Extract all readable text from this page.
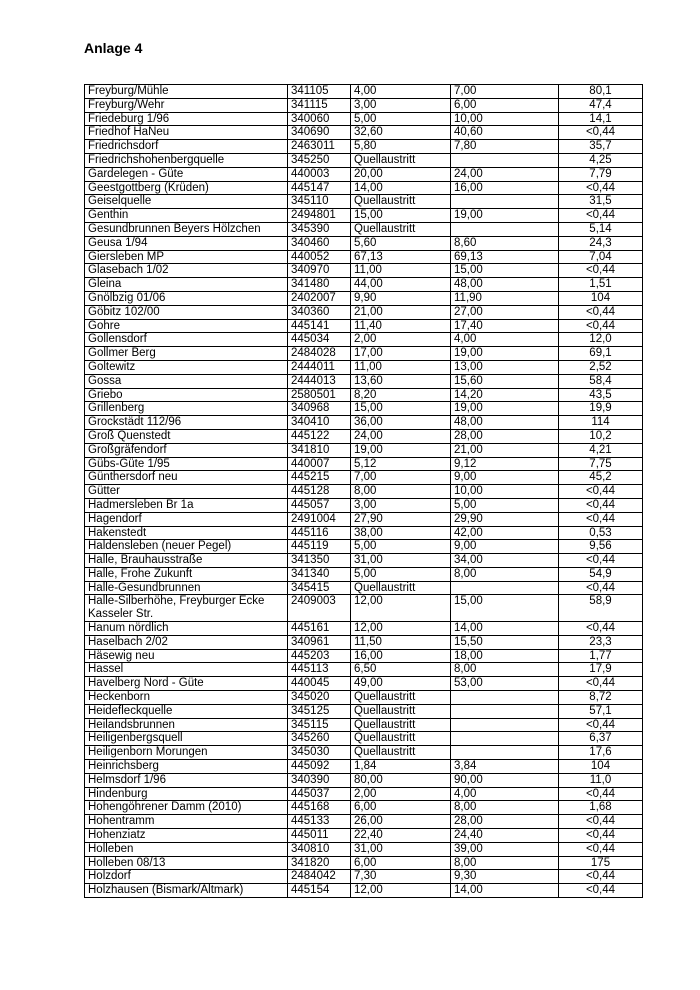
Anlage 4
Freyburg/Mühle	341105	4,00	7,00	80,1
Freyburg/Wehr	341115	3,00	6,00	47,4
Friedeburg 1/96	340060	5,00	10,00	14,1
Friedhof HaNeu	340690	32,60	40,60	<0,44
Friedrichsdorf	2463011	5,80	7,80	35,7
Friedrichshohenbergquelle	345250	Quellaustritt		4,25
Gardelegen - Güte	440003	20,00	24,00	7,79
Geestgottberg (Krüden)	445147	14,00	16,00	<0,44
Geiselquelle	345110	Quellaustritt		31,5
Genthin	2494801	15,00	19,00	<0,44
Gesundbrunnen Beyers Hölzchen	345390	Quellaustritt		5,14
Geusa 1/94	340460	5,60	8,60	24,3
Giersleben MP	440052	67,13	69,13	7,04
Glasebach 1/02	340970	11,00	15,00	<0,44
Gleina	341480	44,00	48,00	1,51
Gnölbzig 01/06	2402007	9,90	11,90	104
Göbitz 102/00	340360	21,00	27,00	<0,44
Gohre	445141	11,40	17,40	<0,44
Gollensdorf	445034	2,00	4,00	12,0
Gollmer Berg	2484028	17,00	19,00	69,1
Goltewitz	2444011	11,00	13,00	2,52
Gossa	2444013	13,60	15,60	58,4
Griebo	2580501	8,20	14,20	43,5
Grillenberg	340968	15,00	19,00	19,9
Grockstädt 112/96	340410	36,00	48,00	114
Groß Quenstedt	445122	24,00	28,00	10,2
Großgräfendorf	341810	19,00	21,00	4,21
Gübs-Güte 1/95	440007	5,12	9,12	7,75
Günthersdorf neu	445215	7,00	9,00	45,2
Gütter	445128	8,00	10,00	<0,44
Hadmersleben Br 1a	445057	3,00	5,00	<0,44
Hagendorf	2491004	27,90	29,90	<0,44
Hakenstedt	445116	38,00	42,00	0,53
Haldensleben (neuer Pegel)	445119	5,00	9,00	9,56
Halle, Brauhausstraße	341350	31,00	34,00	<0,44
Halle, Frohe Zukunft	341340	5,00	8,00	54,9
Halle-Gesundbrunnen	345415	Quellaustritt		<0,44
Halle-Silberhöhe, Freyburger Ecke Kasseler Str.	2409003	12,00	15,00	58,9
Hanum nördlich	445161	12,00	14,00	<0,44
Haselbach 2/02	340961	11,50	15,50	23,3
Häsewig neu	445203	16,00	18,00	1,77
Hassel	445113	6,50	8,00	17,9
Havelberg Nord - Güte	440045	49,00	53,00	<0,44
Heckenborn	345020	Quellaustritt		8,72
Heidefleckquelle	345125	Quellaustritt		57,1
Heilandsbrunnen	345115	Quellaustritt		<0,44
Heiligenbergsquell	345260	Quellaustritt		6,37
Heiligenborn Morungen	345030	Quellaustritt		17,6
Heinrichsberg	445092	1,84	3,84	104
Helmsdorf 1/96	340390	80,00	90,00	11,0
Hindenburg	445037	2,00	4,00	<0,44
Hohengöhrener Damm (2010)	445168	6,00	8,00	1,68
Hohentramm	445133	26,00	28,00	<0,44
Hohenziatz	445011	22,40	24,40	<0,44
Holleben	340810	31,00	39,00	<0,44
Holleben 08/13	341820	6,00	8,00	175
Holzdorf	2484042	7,30	9,30	<0,44
Holzhausen (Bismark/Altmark)	445154	12,00	14,00	<0,44
